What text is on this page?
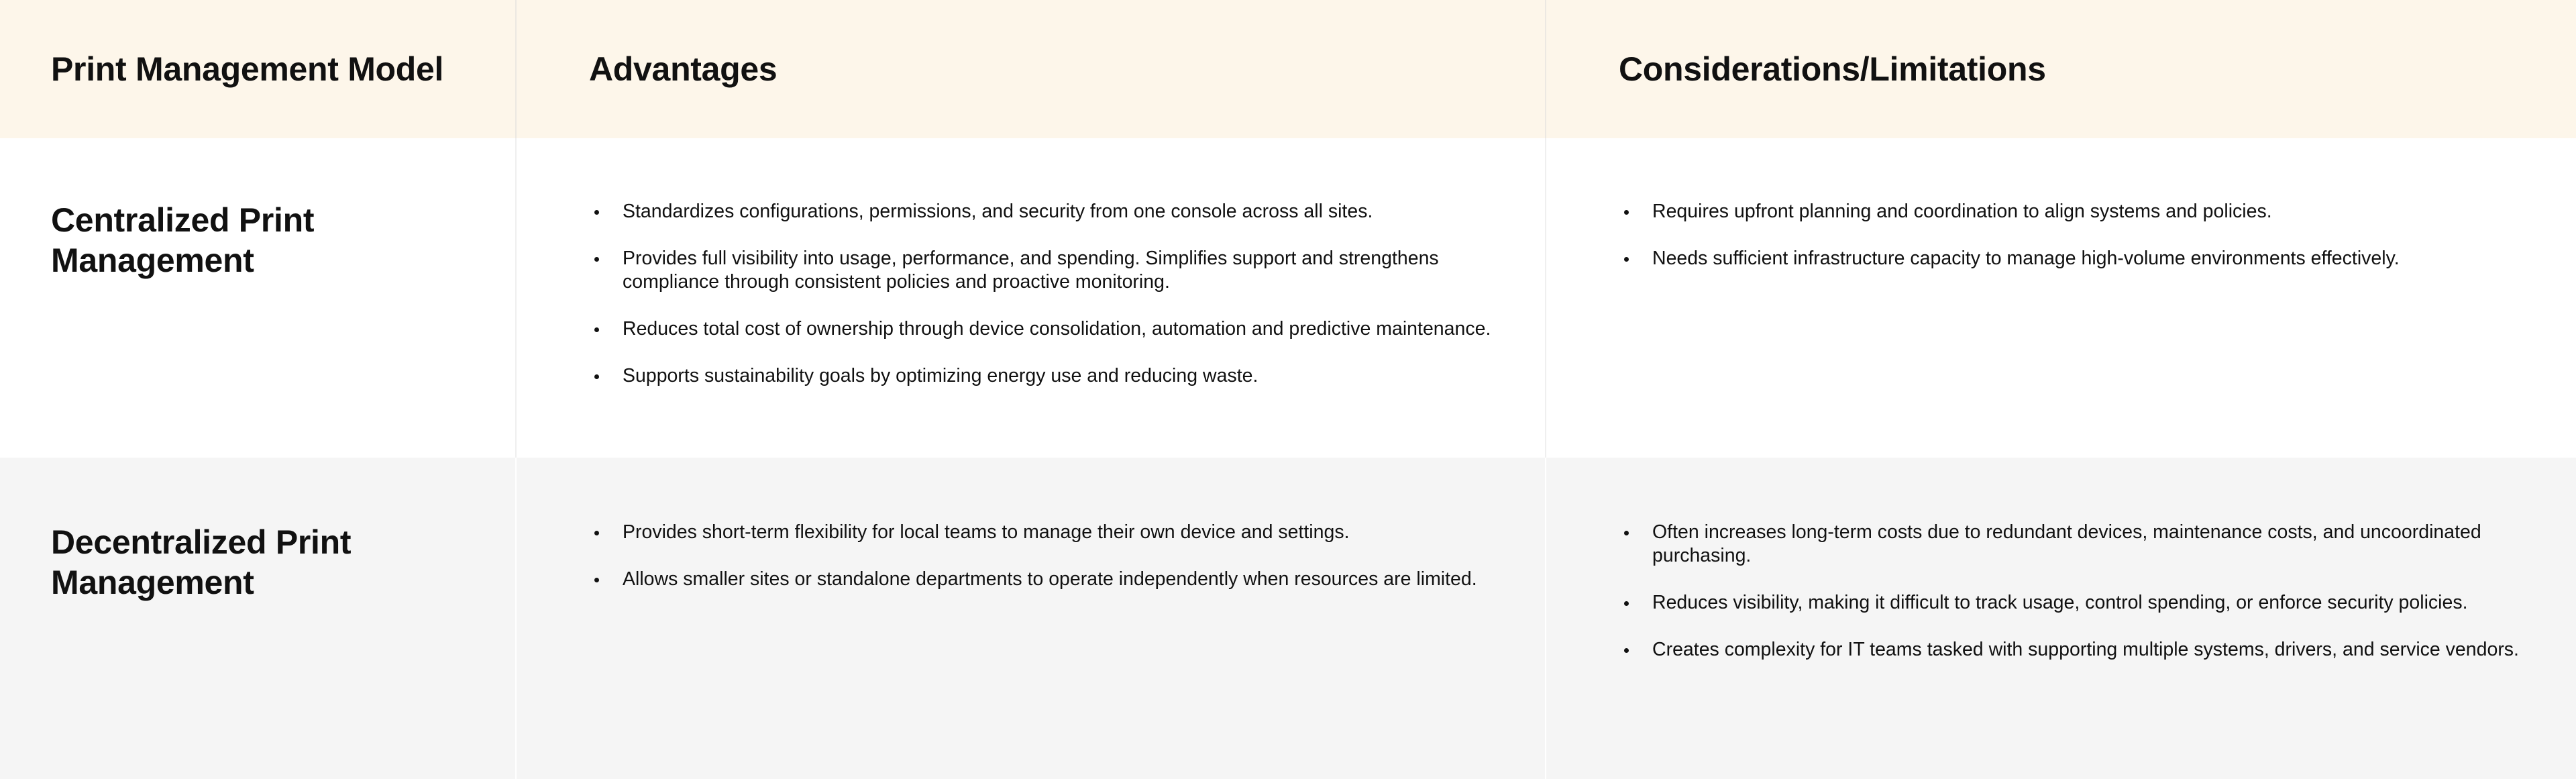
Print Management Model	Advantages	Considerations/Limitations
Centralized Print Management
Standardizes configurations, permissions, and security from one console across all sites.
Provides full visibility into usage, performance, and spending. Simplifies support and strengthens compliance through consistent policies and proactive monitoring.
Reduces total cost of ownership through device consolidation, automation and predictive maintenance.
Supports sustainability goals by optimizing energy use and reducing waste.
Requires upfront planning and coordination to align systems and policies.
Needs sufficient infrastructure capacity to manage high-volume environments effectively.
Decentralized Print Management
Provides short-term flexibility for local teams to manage their own device and settings.
Allows smaller sites or standalone departments to operate independently when resources are limited.
Often increases long-term costs due to redundant devices, maintenance costs, and uncoordinated purchasing.
Reduces visibility, making it difficult to track usage, control spending, or enforce security policies.
Creates complexity for IT teams tasked with supporting multiple systems, drivers, and service vendors.
